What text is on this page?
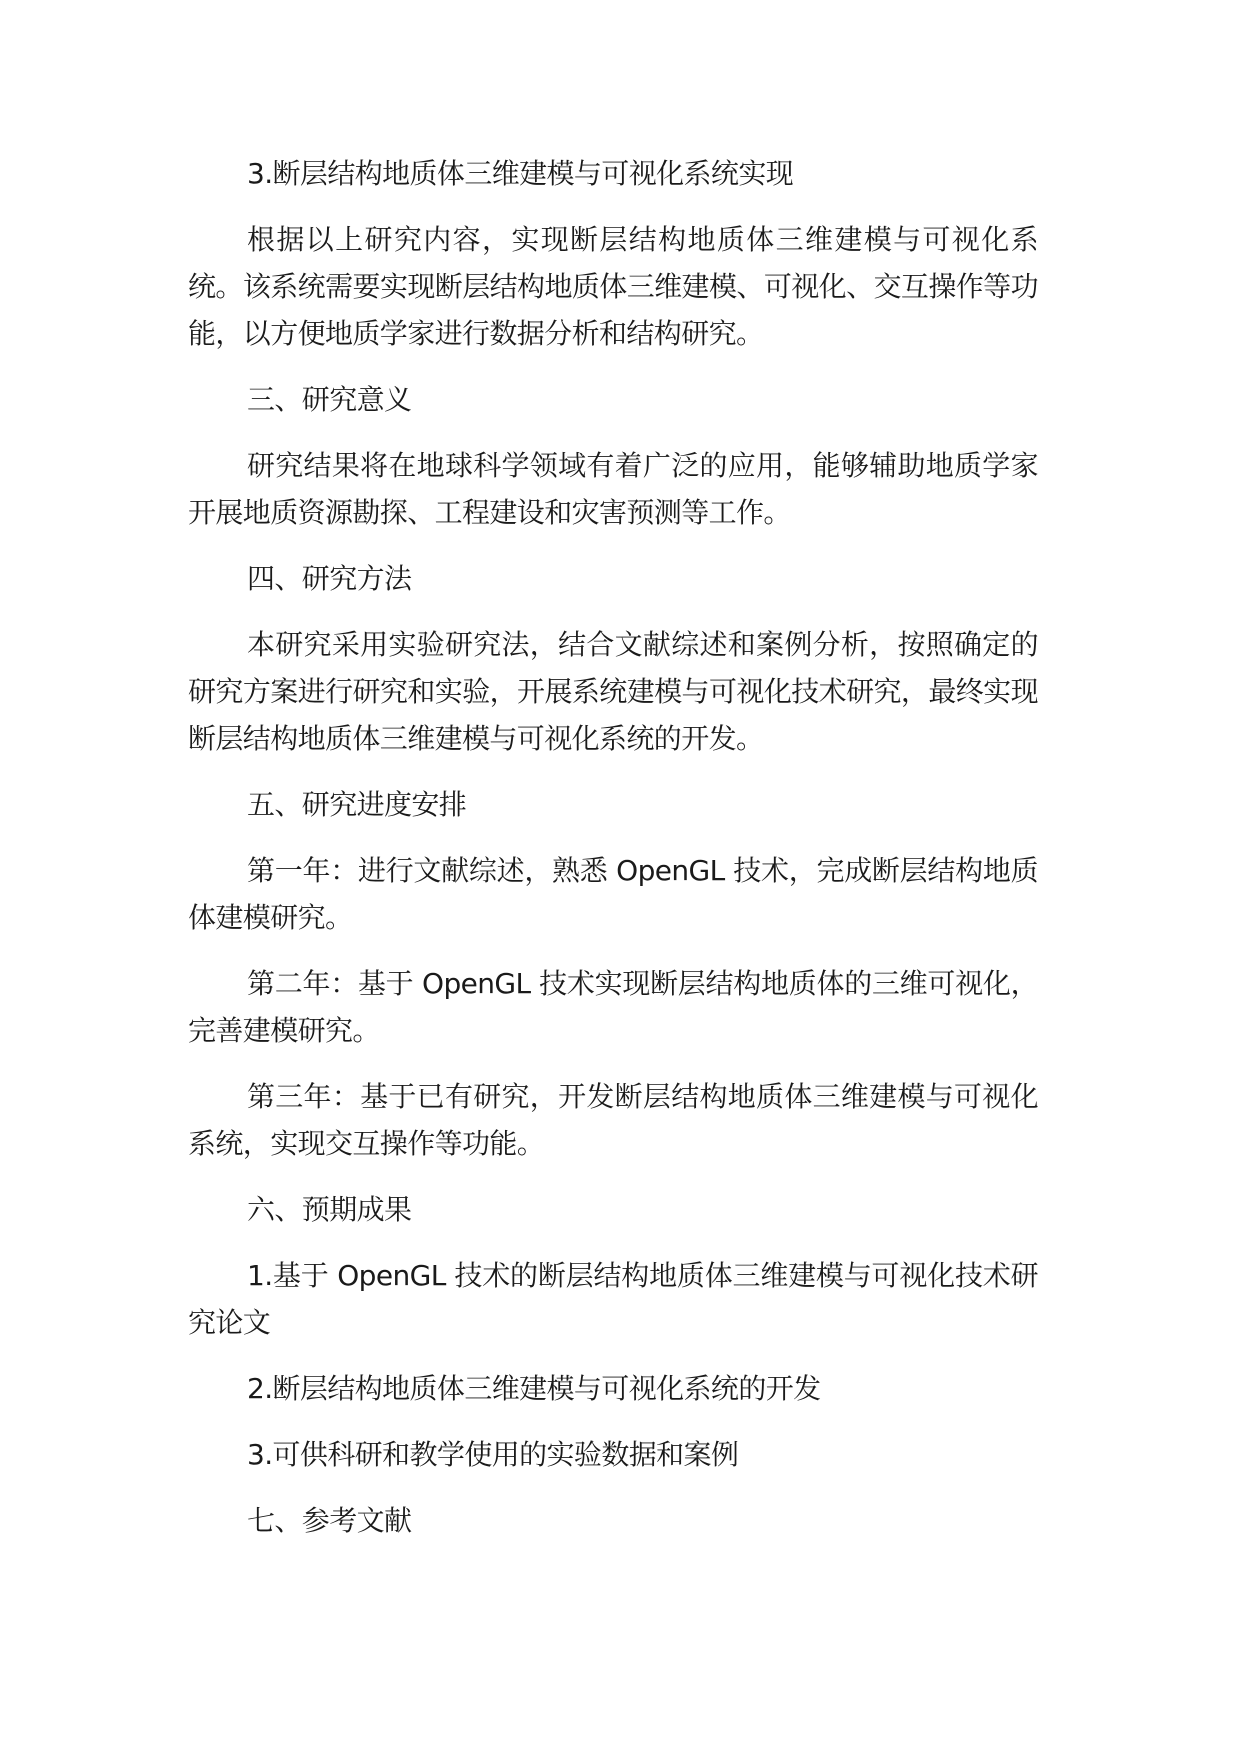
3.断层结构地质体三维建模与可视化系统实现

根据以上研究内容，实现断层结构地质体三维建模与可视化系统。该系统需要实现断层结构地质体三维建模、可视化、交互操作等功能，以方便地质学家进行数据分析和结构研究。

三、研究意义

研究结果将在地球科学领域有着广泛的应用，能够辅助地质学家开展地质资源勘探、工程建设和灾害预测等工作。

四、研究方法

本研究采用实验研究法，结合文献综述和案例分析，按照确定的研究方案进行研究和实验，开展系统建模与可视化技术研究，最终实现断层结构地质体三维建模与可视化系统的开发。

五、研究进度安排

第一年：进行文献综述，熟悉 OpenGL 技术，完成断层结构地质体建模研究。

第二年：基于 OpenGL 技术实现断层结构地质体的三维可视化，完善建模研究。

第三年：基于已有研究，开发断层结构地质体三维建模与可视化系统，实现交互操作等功能。

六、预期成果

1.基于 OpenGL 技术的断层结构地质体三维建模与可视化技术研究论文

2.断层结构地质体三维建模与可视化系统的开发

3.可供科研和教学使用的实验数据和案例

七、参考文献
